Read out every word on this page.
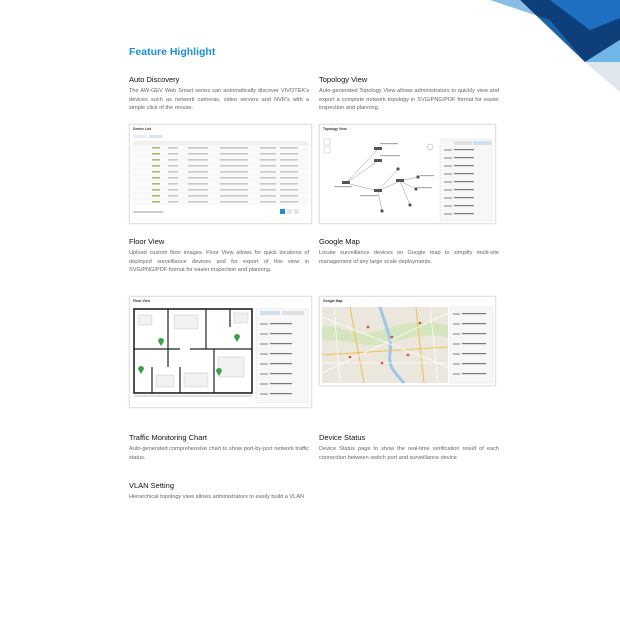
Feature Highlight
Auto Discovery

The AW-GEV Web Smart series can automatically discover VIVOTEK's devices such as network cameras, video servers and NVR's with a simple click of the mouse.

Device List
Topology View

Auto-generated Topology View allows administrators to quickly view and export a complete network topology in SVG/PNG/PDF format for easier inspection and planning.

Topology View
Floor View

Upload custom floor images. Floor View allows for quick locations of deployed surveillance devices and for export of this view in SVG/PNG/PDF format for easier inspection and planning.

Floor View
Google Map

Locate surveillance devices on Google map to simplify multi-site management of any large scale deployments.

Google Map
Traffic Monitoring Chart

Auto-generated comprehensive chart to show port-by-port network traffic status.

Device Status

Device Status page to show the real-time verification result of each connection between switch port and surveillance device.

VLAN Setting

Hierarchical topology view allows administrators to easily build a VLAN
